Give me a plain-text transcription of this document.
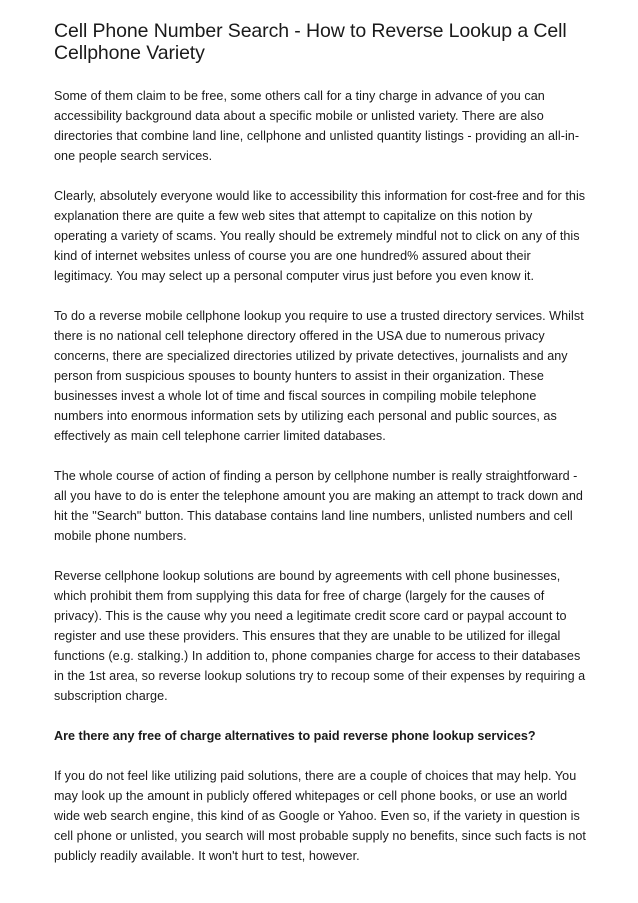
Cell Phone Number Search - How to Reverse Lookup a Cell Cellphone Variety

Some of them claim to be free, some others call for a tiny charge in advance of you can accessibility background data about a specific mobile or unlisted variety. There are also directories that combine land line, cellphone and unlisted quantity listings - providing an all-in-one people search services.

Clearly, absolutely everyone would like to accessibility this information for cost-free and for this explanation there are quite a few web sites that attempt to capitalize on this notion by operating a variety of scams. You really should be extremely mindful not to click on any of this kind of internet websites unless of course you are one hundred% assured about their legitimacy. You may select up a personal computer virus just before you even know it.

To do a reverse mobile cellphone lookup you require to use a trusted directory services. Whilst there is no national cell telephone directory offered in the USA due to numerous privacy concerns, there are specialized directories utilized by private detectives, journalists and any person from suspicious spouses to bounty hunters to assist in their organization. These businesses invest a whole lot of time and fiscal sources in compiling mobile telephone numbers into enormous information sets by utilizing each personal and public sources, as effectively as main cell telephone carrier limited databases.

The whole course of action of finding a person by cellphone number is really straightforward - all you have to do is enter the telephone amount you are making an attempt to track down and hit the "Search" button. This database contains land line numbers, unlisted numbers and cell mobile phone numbers.

Reverse cellphone lookup solutions are bound by agreements with cell phone businesses, which prohibit them from supplying this data for free of charge (largely for the causes of privacy). This is the cause why you need a legitimate credit score card or paypal account to register and use these providers. This ensures that they are unable to be utilized for illegal functions (e.g. stalking.) In addition to, phone companies charge for access to their databases in the 1st area, so reverse lookup solutions try to recoup some of their expenses by requiring a subscription charge.

Are there any free of charge alternatives to paid reverse phone lookup services?

If you do not feel like utilizing paid solutions, there are a couple of choices that may help. You may look up the amount in publicly offered whitepages or cell phone books, or use an world wide web search engine, this kind of as Google or Yahoo. Even so, if the variety in question is cell phone or unlisted, you search will most probable supply no benefits, since such facts is not publicly readily available. It won't hurt to test, however.
